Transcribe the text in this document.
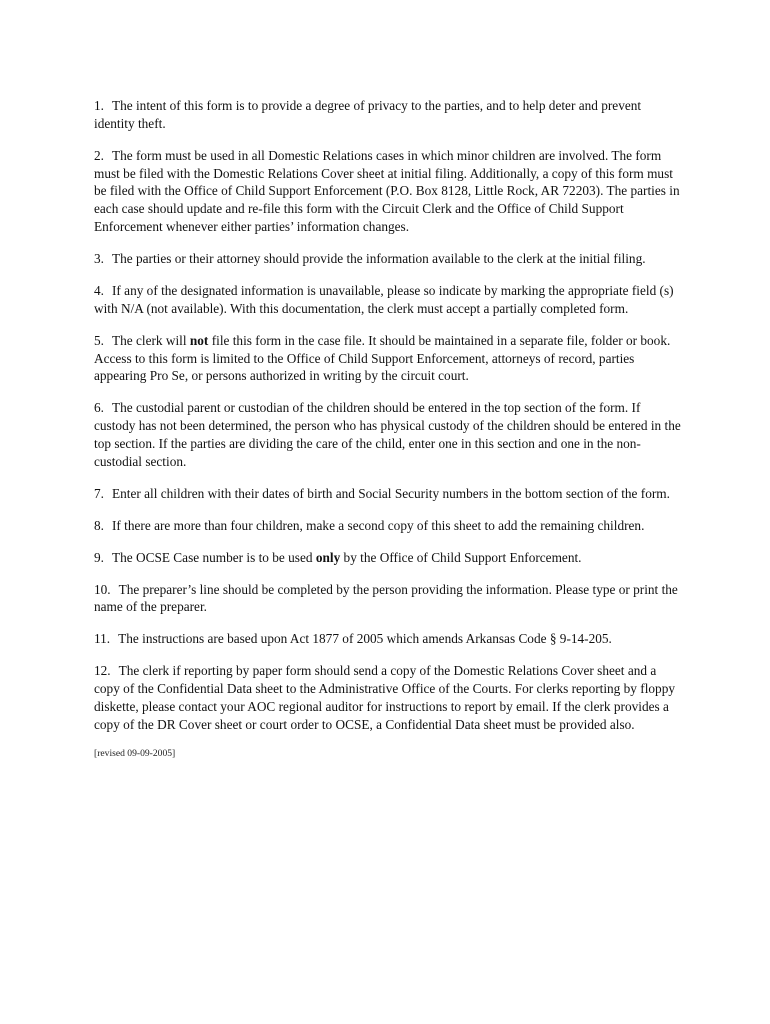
1. The intent of this form is to provide a degree of privacy to the parties, and to help deter and prevent identity theft.

2. The form must be used in all Domestic Relations cases in which minor children are involved. The form must be filed with the Domestic Relations Cover sheet at initial filing. Additionally, a copy of this form must be filed with the Office of Child Support Enforcement (P.O. Box 8128, Little Rock, AR 72203). The parties in each case should update and re-file this form with the Circuit Clerk and the Office of Child Support Enforcement whenever either parties’ information changes.

3. The parties or their attorney should provide the information available to the clerk at the initial filing.

4. If any of the designated information is unavailable, please so indicate by marking the appropriate field (s) with N/A (not available). With this documentation, the clerk must accept a partially completed form.

5. The clerk will not file this form in the case file. It should be maintained in a separate file, folder or book. Access to this form is limited to the Office of Child Support Enforcement, attorneys of record, parties appearing Pro Se, or persons authorized in writing by the circuit court.

6. The custodial parent or custodian of the children should be entered in the top section of the form. If custody has not been determined, the person who has physical custody of the children should be entered in the top section. If the parties are dividing the care of the child, enter one in this section and one in the non-custodial section.

7. Enter all children with their dates of birth and Social Security numbers in the bottom section of the form.

8. If there are more than four children, make a second copy of this sheet to add the remaining children.

9. The OCSE Case number is to be used only by the Office of Child Support Enforcement.

10. The preparer’s line should be completed by the person providing the information. Please type or print the name of the preparer.

11. The instructions are based upon Act 1877 of 2005 which amends Arkansas Code § 9-14-205.

12. The clerk if reporting by paper form should send a copy of the Domestic Relations Cover sheet and a copy of the Confidential Data sheet to the Administrative Office of the Courts. For clerks reporting by floppy diskette, please contact your AOC regional auditor for instructions to report by email. If the clerk provides a copy of the DR Cover sheet or court order to OCSE, a Confidential Data sheet must be provided also.

[revised 09-09-2005]
